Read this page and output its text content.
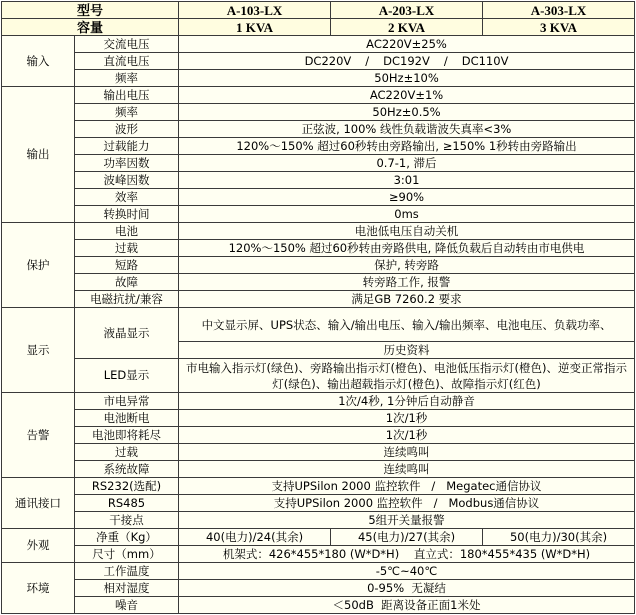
型号		A-103-LX	A-203-LX	A-303-LX
容量		1 KVA	2 KVA	3 KVA
输入	交流电压	AC220V±25%		
	直流电压	DC220V / DC192V / DC110V		
	频率	50Hz±10%		
输出	输出电压	AC220V±1%		
	频率	50Hz±0.5%		
	波形	正弦波, 100% 线性负载谐波失真率<3%		
	过载能力	120%～150% 超过60秒转由旁路输出, ≥150% 1秒转由旁路输出		
	功率因数	0.7-1, 滞后		
	波峰因数	3:01		
	效率	≥90%		
	转换时间	0ms		
保护	电池	电池低电压自动关机		
	过载	120%～150% 超过60秒转由旁路供电, 降低负载后自动转由市电供电		
	短路	保护, 转旁路		
	故障	转旁路工作, 报警		
	电磁抗扰/兼容	满足GB 7260.2 要求		
显示	液晶显示	中文显示屏、UPS状态、输入/输出电压、输入/输出频率、电池电压、负载功率、		
		历史资料		
	LED显示	市电输入指示灯(绿色)、旁路输出指示灯(橙色)、电池低压指示灯(橙色)、逆变正常指示灯(绿色)、输出超载指示灯(橙色)、故障指示灯(红色)		
告警	市电异常	1次/4秒, 1分钟后自动静音		
	电池断电	1次/1秒		
	电池即将耗尽	1次/1秒		
	过载	连续鸣叫		
	系统故障	连续鸣叫		
通讯接口	RS232(选配)	支持UPSilon 2000 监控软件   /   Megatec通信协议		
	RS485	支持UPSilon 2000 监控软件   /   Modbus通信协议		
	干接点	5组开关量报警		
外观	净重（Kg）	40(电力)/24(其余)	45(电力)/27(其余)	50(电力)/30(其余)
	尺寸（mm）	机架式：426*455*180 (W*D*H)    直立式：180*455*435 (W*D*H)		
环境	工作温度	-5℃~40℃		
	相对湿度	0-95%  无凝结		
	噪音	＜50dB  距离设备正面1米处		
